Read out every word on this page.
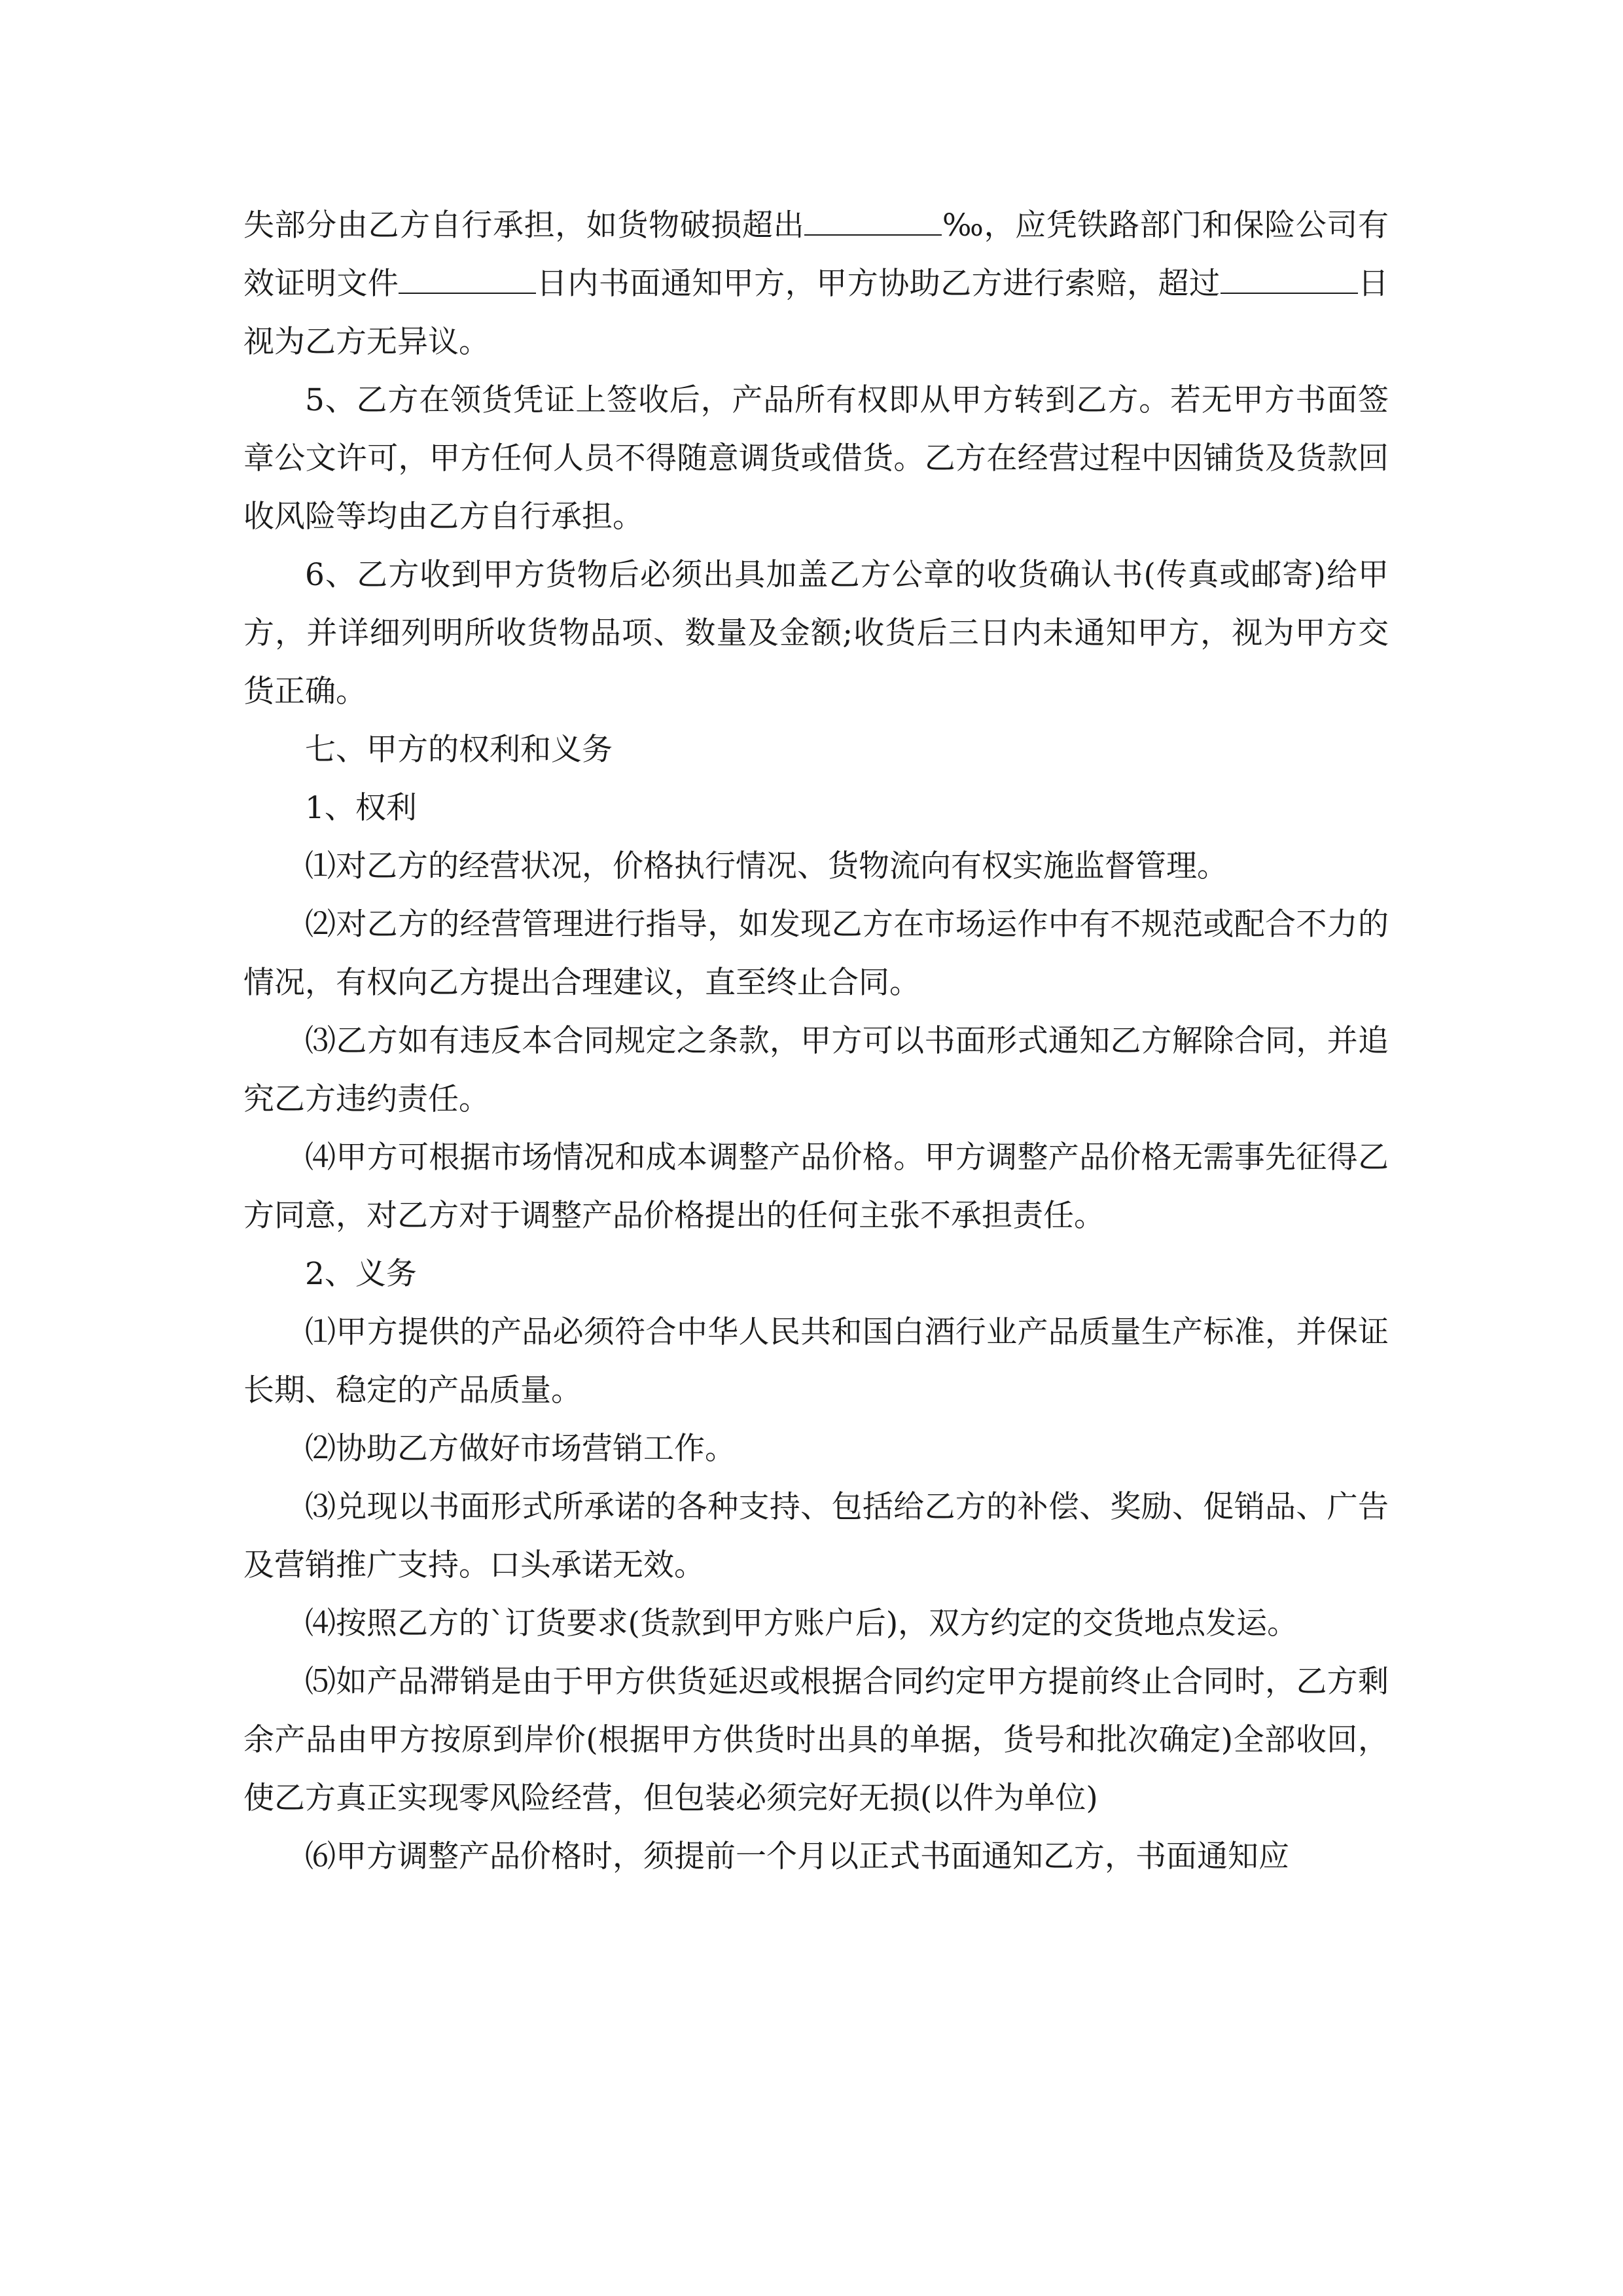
失部分由乙方自行承担，如货物破损超出	‰，应凭铁路部门和保险公司有效证明文件	日内书面通知甲方，甲方协助乙方进行索赔，超过	日视为乙方无异议。

5、乙方在领货凭证上签收后，产品所有权即从甲方转到乙方。若无甲方书面签章公文许可，甲方任何人员不得随意调货或借货。乙方在经营过程中因铺货及货款回收风险等均由乙方自行承担。

6、乙方收到甲方货物后必须出具加盖乙方公章的收货确认书(传真或邮寄)给甲方，并详细列明所收货物品项、数量及金额;收货后三日内未通知甲方，视为甲方交货正确。

七、甲方的权利和义务

1、权利

⑴对乙方的经营状况，价格执行情况、货物流向有权实施监督管理。

⑵对乙方的经营管理进行指导，如发现乙方在市场运作中有不规范或配合不力的情况，有权向乙方提出合理建议，直至终止合同。

⑶乙方如有违反本合同规定之条款，甲方可以书面形式通知乙方解除合同，并追究乙方违约责任。

⑷甲方可根据市场情况和成本调整产品价格。甲方调整产品价格无需事先征得乙方同意，对乙方对于调整产品价格提出的任何主张不承担责任。

2、义务

⑴甲方提供的产品必须符合中华人民共和国白酒行业产品质量生产标准，并保证长期、稳定的产品质量。

⑵协助乙方做好市场营销工作。

⑶兑现以书面形式所承诺的各种支持、包括给乙方的补偿、奖励、促销品、广告及营销推广支持。口头承诺无效。

⑷按照乙方的`订货要求(货款到甲方账户后)，双方约定的交货地点发运。

⑸如产品滞销是由于甲方供货延迟或根据合同约定甲方提前终止合同时，乙方剩余产品由甲方按原到岸价(根据甲方供货时出具的单据，货号和批次确定)全部收回，使乙方真正实现零风险经营，但包装必须完好无损(以件为单位)

⑹甲方调整产品价格时，须提前一个月以正式书面通知乙方，书面通知应
